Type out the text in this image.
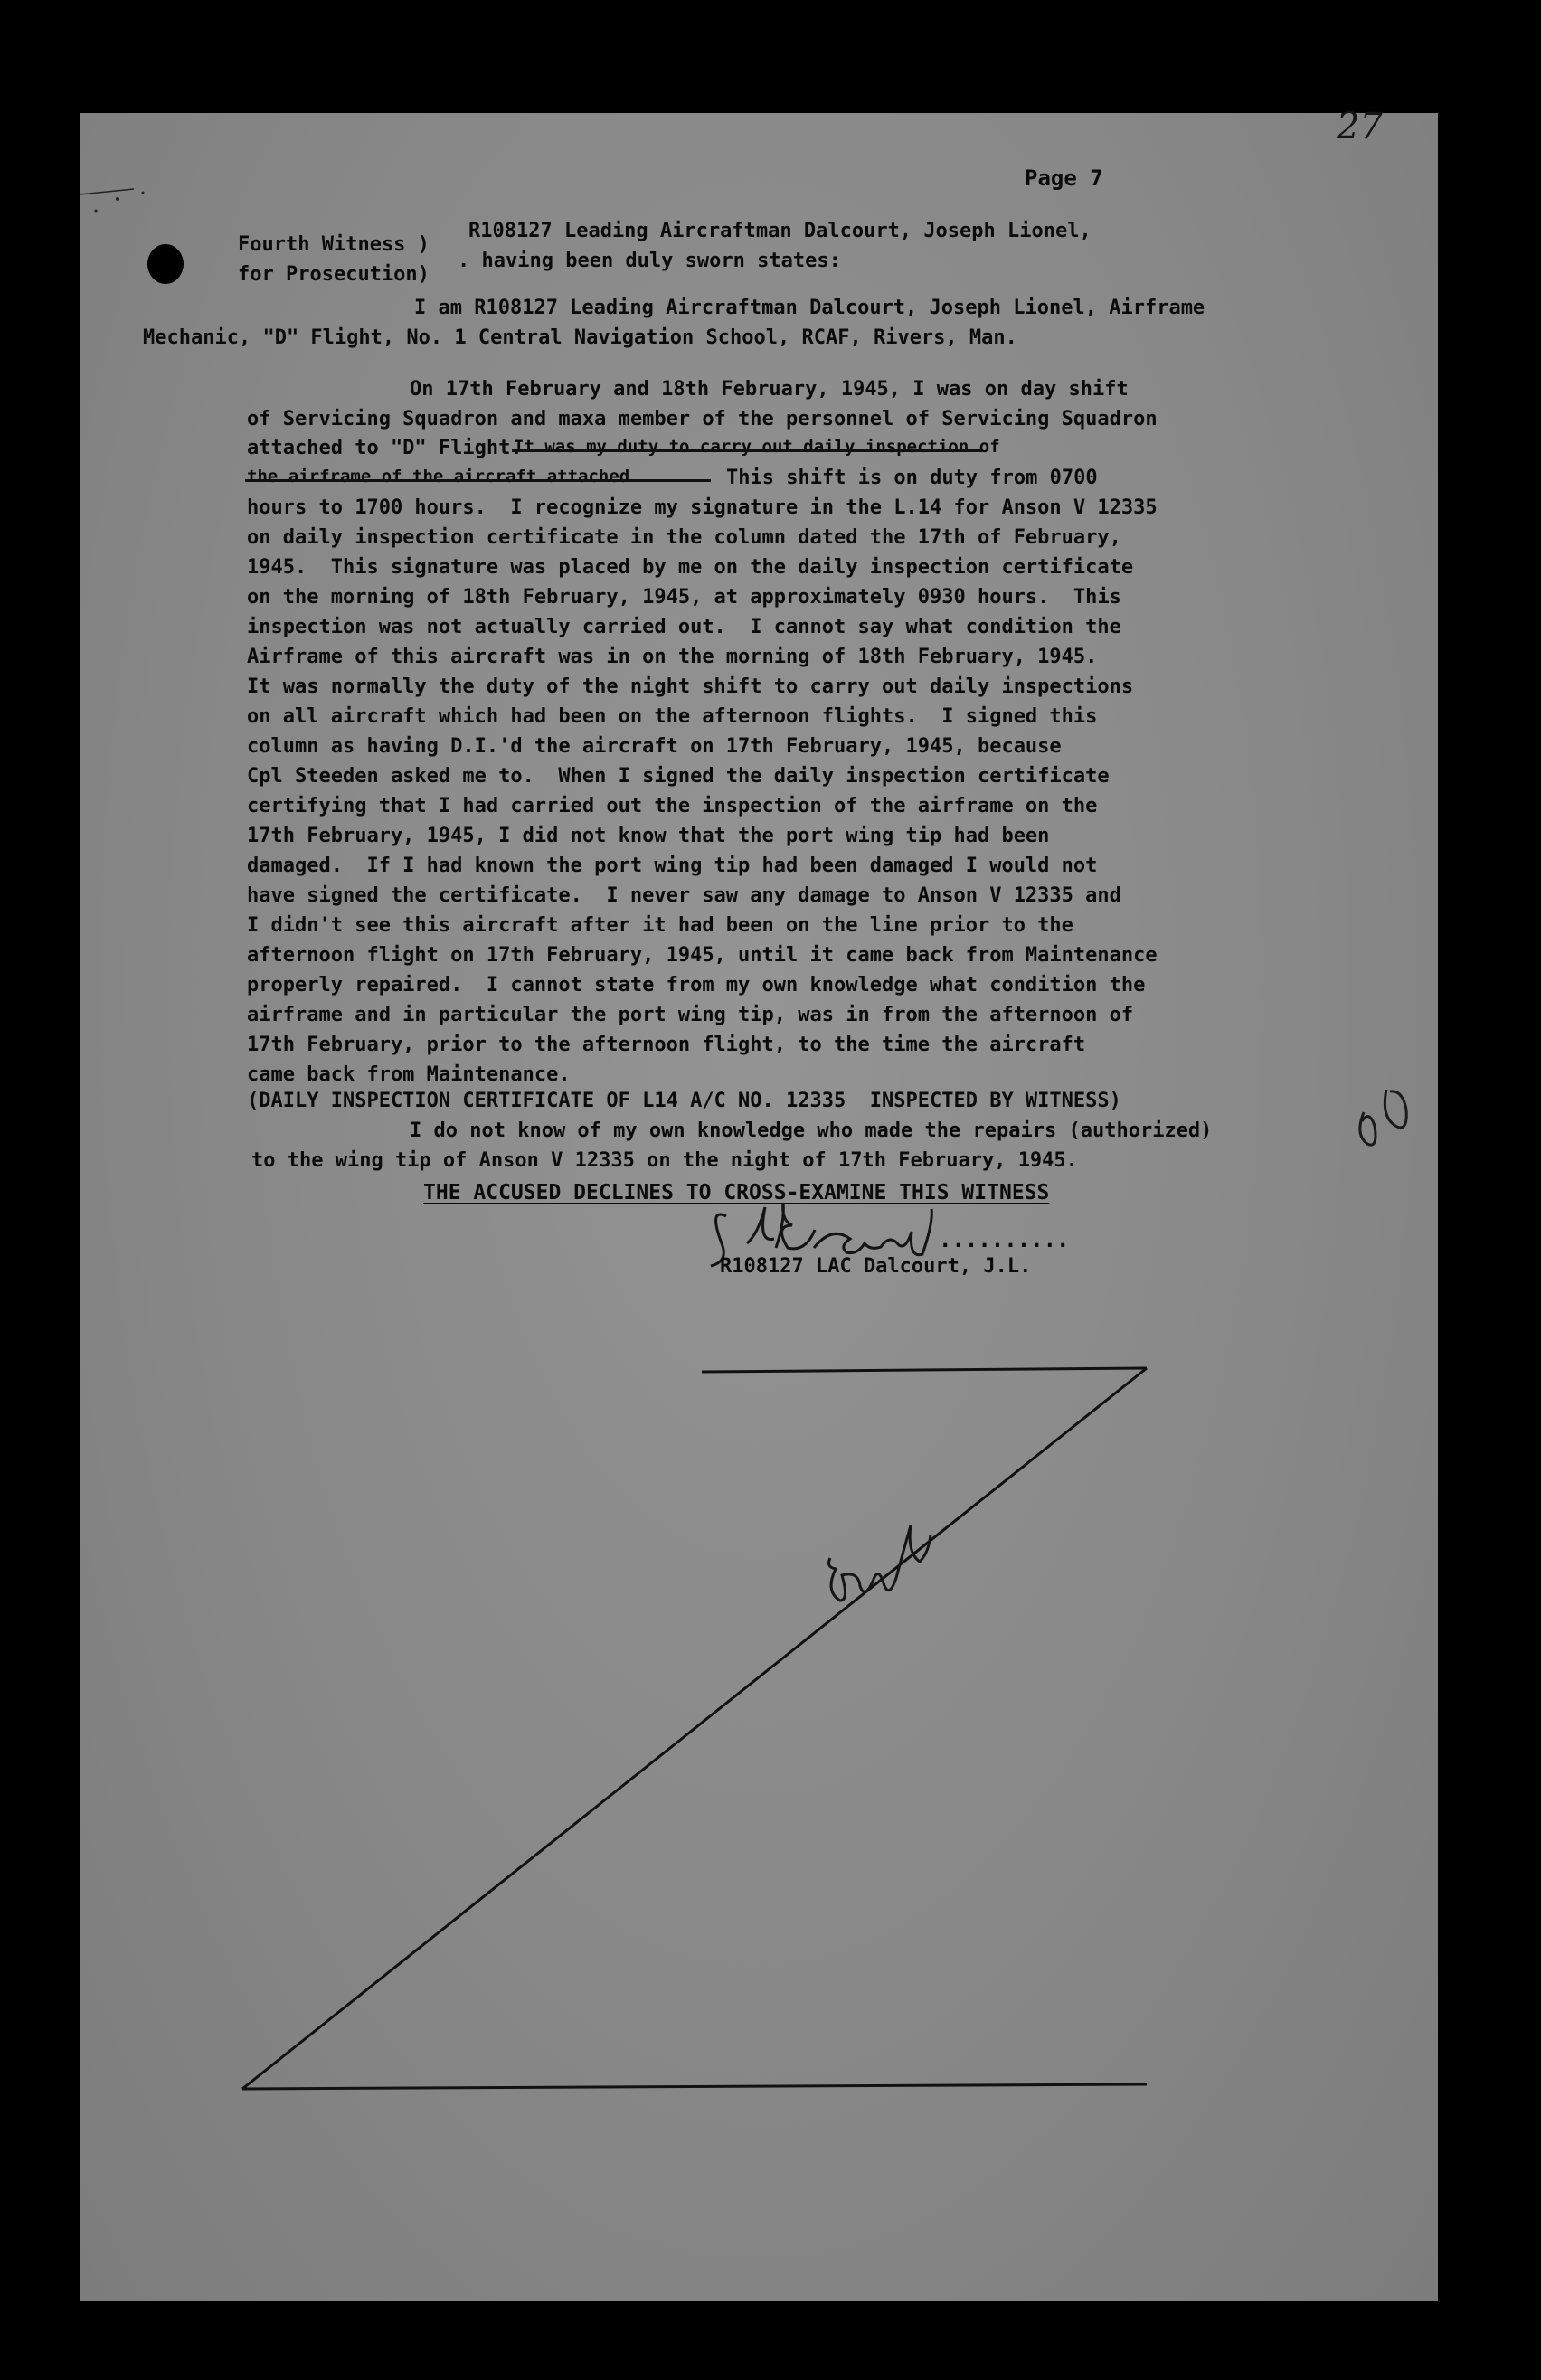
27
Page 7
Fourth Witness )
for Prosecution)
R108127 Leading Aircraftman Dalcourt, Joseph Lionel,
. having been duly sworn states:
I am R108127 Leading Aircraftman Dalcourt, Joseph Lionel, Airframe
Mechanic, "D" Flight, No. 1 Central Navigation School, RCAF, Rivers, Man.
On 17th February and 18th February, 1945, I was on day shift
of Servicing Squadron and maxa member of the personnel of Servicing Squadron
attached to "D" Flight.
It was my duty to carry out daily inspection of
the airframe of the aircraft attached	This shift is on duty from 0700
hours to 1700 hours.  I recognize my signature in the L.14 for Anson V 12335
on daily inspection certificate in the column dated the 17th of February,
1945.  This signature was placed by me on the daily inspection certificate
on the morning of 18th February, 1945, at approximately 0930 hours.  This
inspection was not actually carried out.  I cannot say what condition the
Airframe of this aircraft was in on the morning of 18th February, 1945.
It was normally the duty of the night shift to carry out daily inspections
on all aircraft which had been on the afternoon flights.  I signed this
column as having D.I.'d the aircraft on 17th February, 1945, because
Cpl Steeden asked me to.  When I signed the daily inspection certificate
certifying that I had carried out the inspection of the airframe on the
17th February, 1945, I did not know that the port wing tip had been
damaged.  If I had known the port wing tip had been damaged I would not
have signed the certificate.  I never saw any damage to Anson V 12335 and
I didn't see this aircraft after it had been on the line prior to the
afternoon flight on 17th February, 1945, until it came back from Maintenance
properly repaired.  I cannot state from my own knowledge what condition the
airframe and in particular the port wing tip, was in from the afternoon of
17th February, prior to the afternoon flight, to the time the aircraft
came back from Maintenance.
(DAILY INSPECTION CERTIFICATE OF L14 A/C NO. 12335  INSPECTED BY WITNESS)
I do not know of my own knowledge who made the repairs (authorized)
to the wing tip of Anson V 12335 on the night of 17th February, 1945.
THE ACCUSED DECLINES TO CROSS-EXAMINE THIS WITNESS
..........
R108127 LAC Dalcourt, J.L.
